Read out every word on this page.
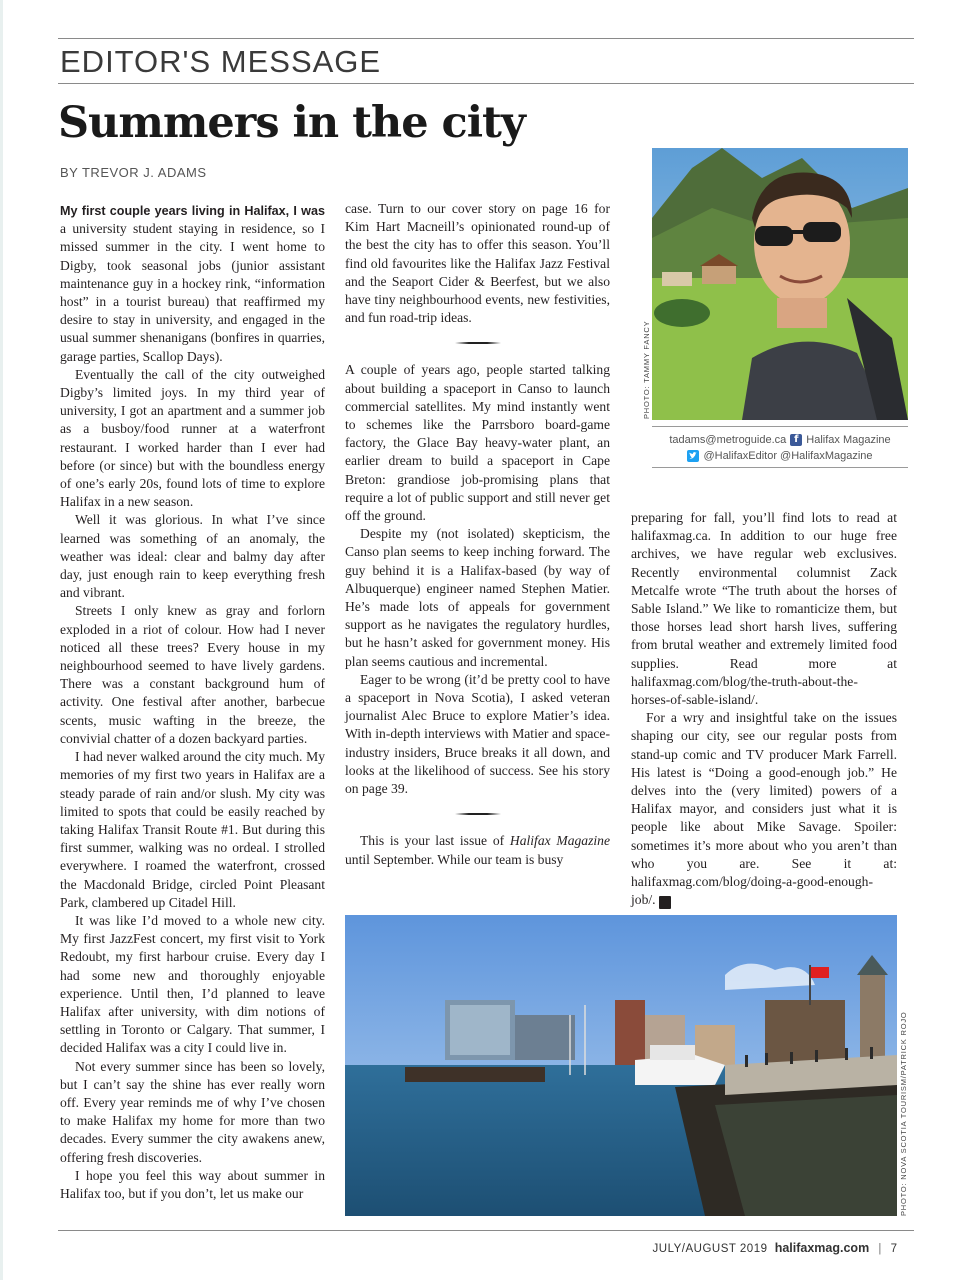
EDITOR'S MESSAGE
Summers in the city
BY TREVOR J. ADAMS

My first couple years living in Halifax, I was a university student staying in residence, so I missed summer in the city. I went home to Digby, took seasonal jobs (junior assistant maintenance guy in a hockey rink, “information host” in a tourist bureau) that reaffirmed my desire to stay in university, and engaged in the usual summer shenanigans (bonfires in quarries, garage parties, Scallop Days).

Eventually the call of the city outweighed Digby’s limited joys. In my third year of university, I got an apartment and a summer job as a busboy/food runner at a waterfront restaurant. I worked harder than I ever had before (or since) but with the boundless energy of one’s early 20s, found lots of time to explore Halifax in a new season.

Well it was glorious. In what I’ve since learned was something of an anomaly, the weather was ideal: clear and balmy day after day, just enough rain to keep everything fresh and vibrant.

Streets I only knew as gray and forlorn exploded in a riot of colour. How had I never noticed all these trees? Every house in my neighbourhood seemed to have lively gardens. There was a constant background hum of activity. One festival after another, barbecue scents, music wafting in the breeze, the convivial chatter of a dozen backyard parties.

I had never walked around the city much. My memories of my first two years in Halifax are a steady parade of rain and/or slush. My city was limited to spots that could be easily reached by taking Halifax Transit Route #1. But during this first summer, walking was no ordeal. I strolled everywhere. I roamed the waterfront, crossed the Macdonald Bridge, circled Point Pleasant Park, clambered up Citadel Hill.

It was like I’d moved to a whole new city. My first JazzFest concert, my first visit to York Redoubt, my first harbour cruise. Every day I had some new and thoroughly enjoyable experience. Until then, I’d planned to leave Halifax after university, with dim notions of settling in Toronto or Calgary. That summer, I decided Halifax was a city I could live in.

Not every summer since has been so lovely, but I can’t say the shine has ever really worn off. Every year reminds me of why I’ve chosen to make Halifax my home for more than two decades. Every summer the city awakens anew, offering fresh discoveries.

I hope you feel this way about summer in Halifax too, but if you don’t, let us make our

case. Turn to our cover story on page 16 for Kim Hart Macneill’s opinionated round-up of the best the city has to offer this season. You’ll find old favourites like the Halifax Jazz Festival and the Seaport Cider & Beerfest, but we also have tiny neighbourhood events, new festivities, and fun road-trip ideas.

A couple of years ago, people started talking about building a spaceport in Canso to launch commercial satellites. My mind instantly went to schemes like the Parrsboro board-game factory, the Glace Bay heavy-water plant, an earlier dream to build a spaceport in Cape Breton: grandiose job-promising plans that require a lot of public support and still never get off the ground.

Despite my (not isolated) skepticism, the Canso plan seems to keep inching forward. The guy behind it is a Halifax-based (by way of Albuquerque) engineer named Stephen Matier. He’s made lots of appeals for government support as he navigates the regulatory hurdles, but he hasn’t asked for government money. His plan seems cautious and incremental.

Eager to be wrong (it’d be pretty cool to have a spaceport in Nova Scotia), I asked veteran journalist Alec Bruce to explore Matier’s idea. With in-depth interviews with Matier and space-industry insiders, Bruce breaks it all down, and looks at the likelihood of success. See his story on page 39.

This is your last issue of Halifax Magazine until September. While our team is busy

PHOTO: TAMMY FANCY
tadams@metroguide.ca f Halifax Magazine
@HalifaxEditor @HalifaxMagazine

preparing for fall, you’ll find lots to read at halifaxmag.ca. In addition to our huge free archives, we have regular web exclusives. Recently environmental columnist Zack Metcalfe wrote “The truth about the horses of Sable Island.” We like to romanticize them, but those horses lead short harsh lives, suffering from brutal weather and extremely limited food supplies. Read more at halifaxmag.com/blog/the-truth-about-the-horses-of-sable-island/.

For a wry and insightful take on the issues shaping our city, see our regular posts from stand-up comic and TV producer Mark Farrell. His latest is “Doing a good-enough job.” He delves into the (very limited) powers of a Halifax mayor, and considers just what it is people like about Mike Savage. Spoiler: sometimes it’s more about who you aren’t than who you are. See it at: halifaxmag.com/blog/doing-a-good-enough-job/. H

PHOTO: NOVA SCOTIA TOURISM/PATRICK ROJO
JULY/AUGUST 2019 halifaxmag.com | 7
